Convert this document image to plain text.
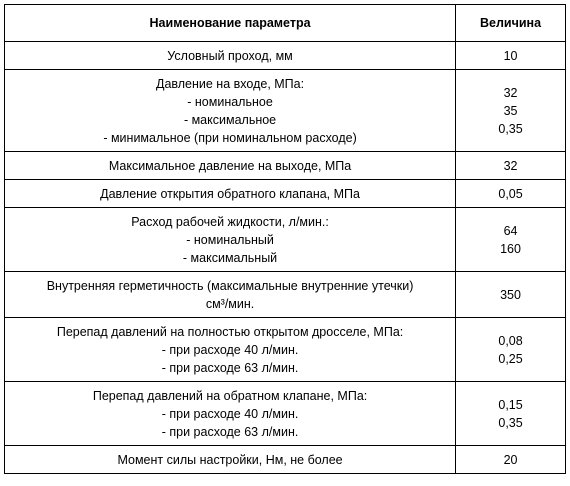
Наименование параметра	Величина

Условный проход, мм	10

Давление на входе, МПа:
- номинальное
- максимальное
- минимальное (при номинальном расходе)	32
35
0,35

Максимальное давление на выходе, МПа	32

Давление открытия обратного клапана, МПа	0,05

Расход рабочей жидкости, л/мин.:
- номинальный
- максимальный	64
160

Внутренняя герметичность (максимальные внутренние утечки)
см³/мин.	350

Перепад давлений на полностью открытом дросселе, МПа:
- при расходе 40 л/мин.
- при расходе 63 л/мин.	0,08
0,25

Перепад давлений на обратном клапане, МПа:
- при расходе 40 л/мин.
- при расходе 63 л/мин.	0,15
0,35

Момент силы настройки, Нм, не более	20
